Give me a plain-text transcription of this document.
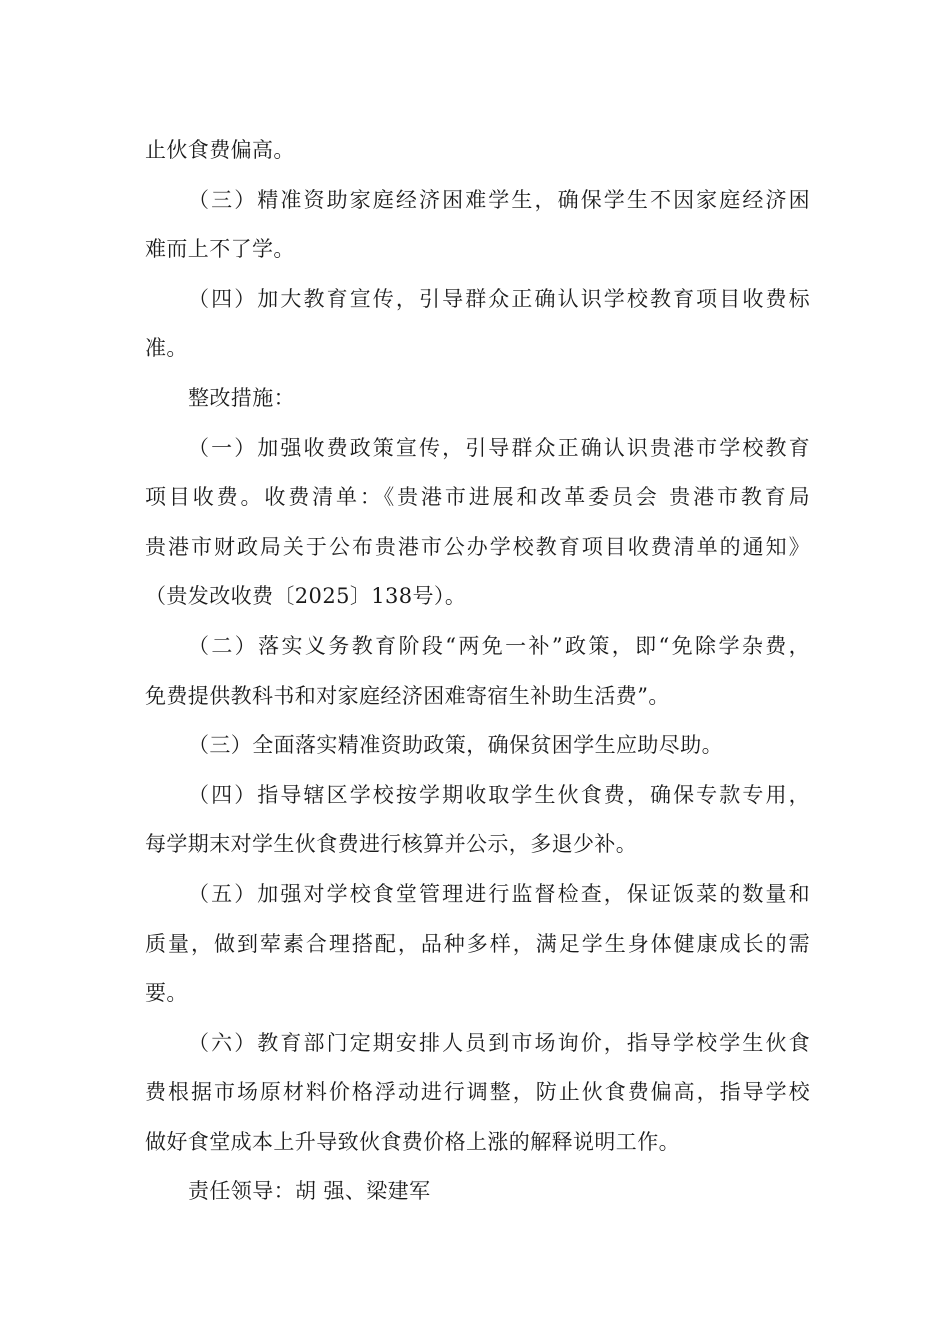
止伙食费偏高。
（三）精准资助家庭经济困难学生，确保学生不因家庭经济困
难而上不了学。
（四）加大教育宣传，引导群众正确认识学校教育项目收费标
准。
整改措施：
（一）加强收费政策宣传，引导群众正确认识贵港市学校教育
项目收费。收费清单：《贵港市进展和改革委员会 贵港市教育局
贵港市财政局关于公布贵港市公办学校教育项目收费清单的通知》
（贵发改收费〔2025〕138号）。
（二）落实义务教育阶段“两免一补”政策，即“免除学杂费，
免费提供教科书和对家庭经济困难寄宿生补助生活费”。
（三）全面落实精准资助政策，确保贫困学生应助尽助。
（四）指导辖区学校按学期收取学生伙食费，确保专款专用，
每学期末对学生伙食费进行核算并公示，多退少补。
（五）加强对学校食堂管理进行监督检查，保证饭菜的数量和
质量，做到荤素合理搭配，品种多样，满足学生身体健康成长的需
要。
（六）教育部门定期安排人员到市场询价，指导学校学生伙食
费根据市场原材料价格浮动进行调整，防止伙食费偏高，指导学校
做好食堂成本上升导致伙食费价格上涨的解释说明工作。
责任领导：胡 强、梁建军
